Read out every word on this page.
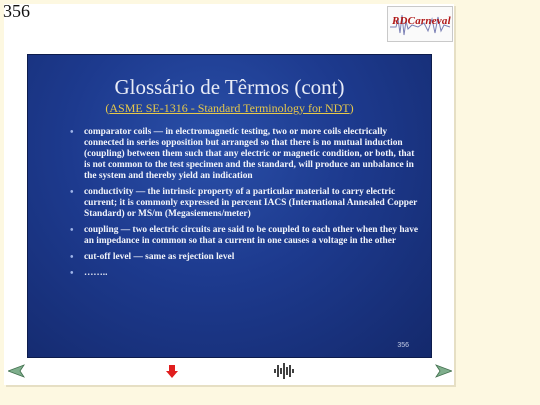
356	RDCarneval
Glossário de Têrmos (cont)
(ASME SE-1316 - Standard Terminology for NDT)
• comparator coils — in electromagnetic testing, two or more coils electrically connected in series opposition but arranged so that there is no mutual induction (coupling) between them such that any electric or magnetic condition, or both, that is not common to the test specimen and the standard, will produce an unbalance in the system and thereby yield an indication
• conductivity — the intrinsic property of a particular material to carry electric current; it is commonly expressed in percent IACS (International Annealed Copper Standard) or MS/m (Megasiemens/meter)
• coupling — two electric circuits are said to be coupled to each other when they have an impedance in common so that a current in one causes a voltage in the other
• cut-off level — same as rejection level
• ……..
356
